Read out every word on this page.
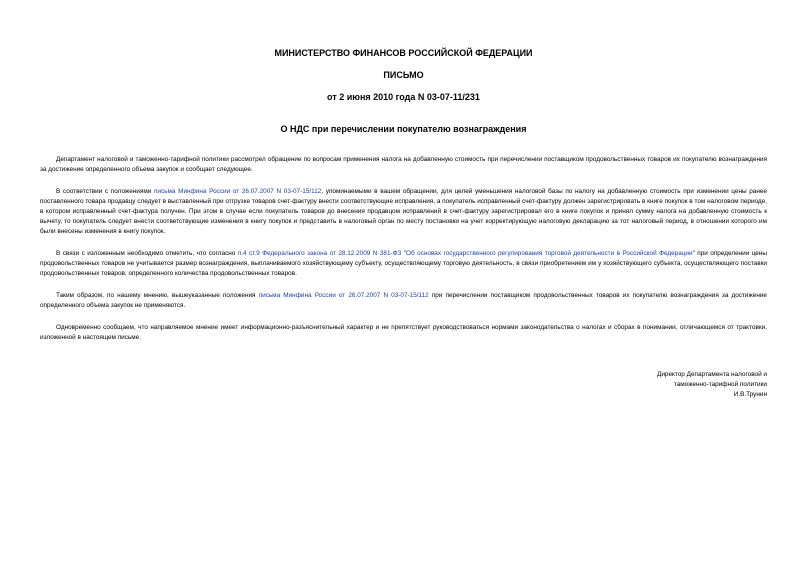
МИНИСТЕРСТВО ФИНАНСОВ РОССИЙСКОЙ ФЕДЕРАЦИИ
ПИСЬМО
от 2 июня 2010 года N 03-07-11/231
О НДС при перечислении покупателю вознаграждения

Департамент налоговой и таможенно-тарифной политики рассмотрел обращение по вопросам применения налога на добавленную стоимость при перечислении поставщиком продовольственных товаров их покупателю вознаграждения за достижение определенного объема закупок и сообщает следующее.

В соответствии с положениями письма Минфина России от 26.07.2007 N 03-07-15/112, упоминаемыми в вашем обращении, для целей уменьшения налоговой базы по налогу на добавленную стоимость при изменении цены ранее поставленного товара продавцу следует в выставленный при отгрузке товаров счет-фактуру внести соответствующие исправления, а покупатель исправленный счет-фактуру должен зарегистрировать в книге покупок в том налоговом периоде, в котором исправленный счет-фактура получен. При этом в случае если покупатель товаров до внесения продавцом исправлений в счет-фактуру зарегистрировал его в книге покупок и принял сумму налога на добавленную стоимость к вычету, то покупатель следует внести соответствующие изменения в книгу покупок и представить в налоговый орган по месту постановки на учет корректирующую налоговую декларацию за тот налоговый период, в отношении которого им были внесены изменения в книгу покупок.

В связи с изложенным необходимо отметить, что согласно п.4 ст.9 Федерального закона от 28.12.2009 N 381-ФЗ "Об основах государственного регулирования торговой деятельности в Российской Федерации" при определении цены продовольственных товаров не учитывается размер вознаграждения, выплачиваемого хозяйствующему субъекту, осуществляющему торговую деятельность, в связи приобретением им у хозяйствующего субъекта, осуществляющего поставки продовольственных товаров, определенного количества продовольственных товаров.

Таким образом, по нашему мнению, вышеуказанные положения письма Минфина России от 26.07.2007 N 03-07-15/112 при перечислении поставщиком продовольственных товаров их покупателю вознаграждения за достижение определенного объема закупок не применяются.

Одновременно сообщаем, что направляемое мнение имеет информационно-разъяснительный характер и не препятствует руководствоваться нормами законодательства о налогах и сборах в понимании, отличающемся от трактовки, изложенной в настоящем письме.

Директор Департамента налоговой и
таможенно-тарифной политики
И.В.Трунин
